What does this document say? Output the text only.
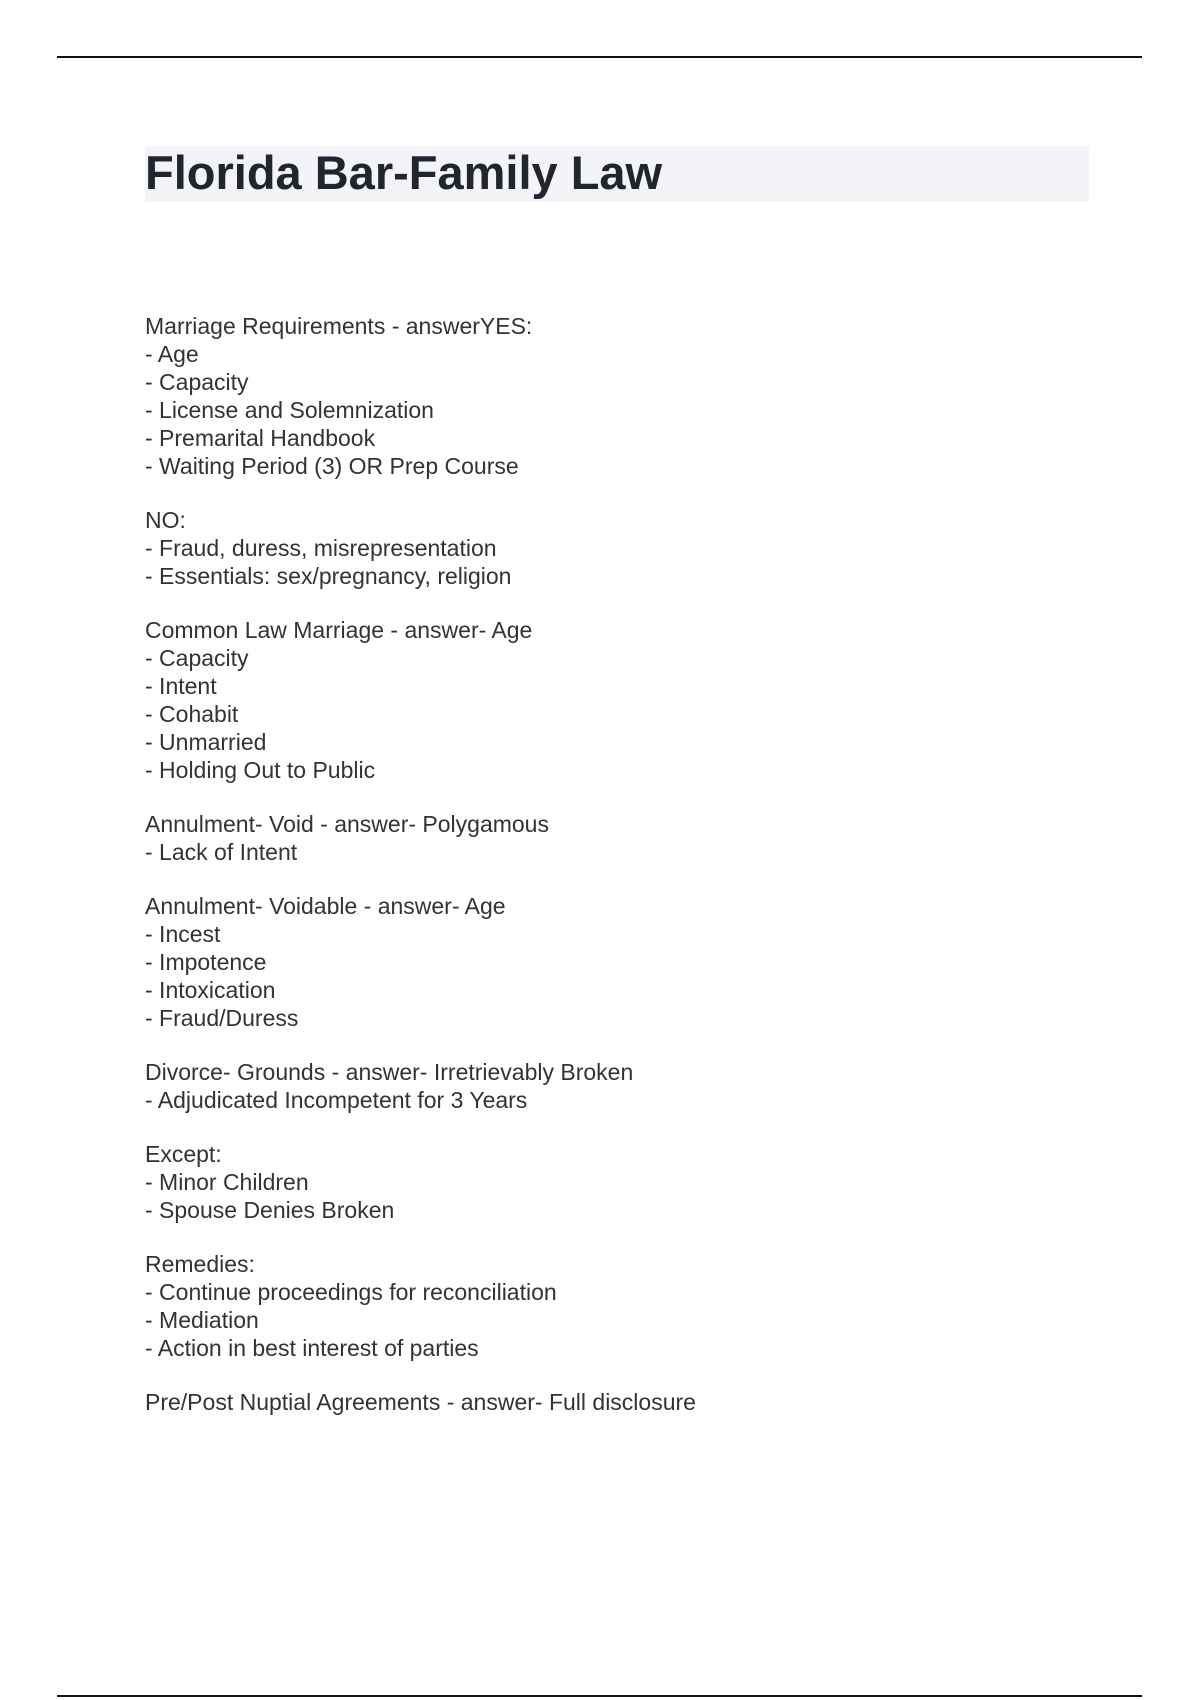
Florida Bar-Family Law
Marriage Requirements - answerYES:
- Age
- Capacity
- License and Solemnization
- Premarital Handbook
- Waiting Period (3) OR Prep Course
NO:
- Fraud, duress, misrepresentation
- Essentials: sex/pregnancy, religion
Common Law Marriage - answer- Age
- Capacity
- Intent
- Cohabit
- Unmarried
- Holding Out to Public
Annulment- Void - answer- Polygamous
- Lack of Intent
Annulment- Voidable - answer- Age
- Incest
- Impotence
- Intoxication
- Fraud/Duress
Divorce- Grounds - answer- Irretrievably Broken
- Adjudicated Incompetent for 3 Years
Except:
- Minor Children
- Spouse Denies Broken
Remedies:
- Continue proceedings for reconciliation
- Mediation
- Action in best interest of parties
Pre/Post Nuptial Agreements - answer- Full disclosure
